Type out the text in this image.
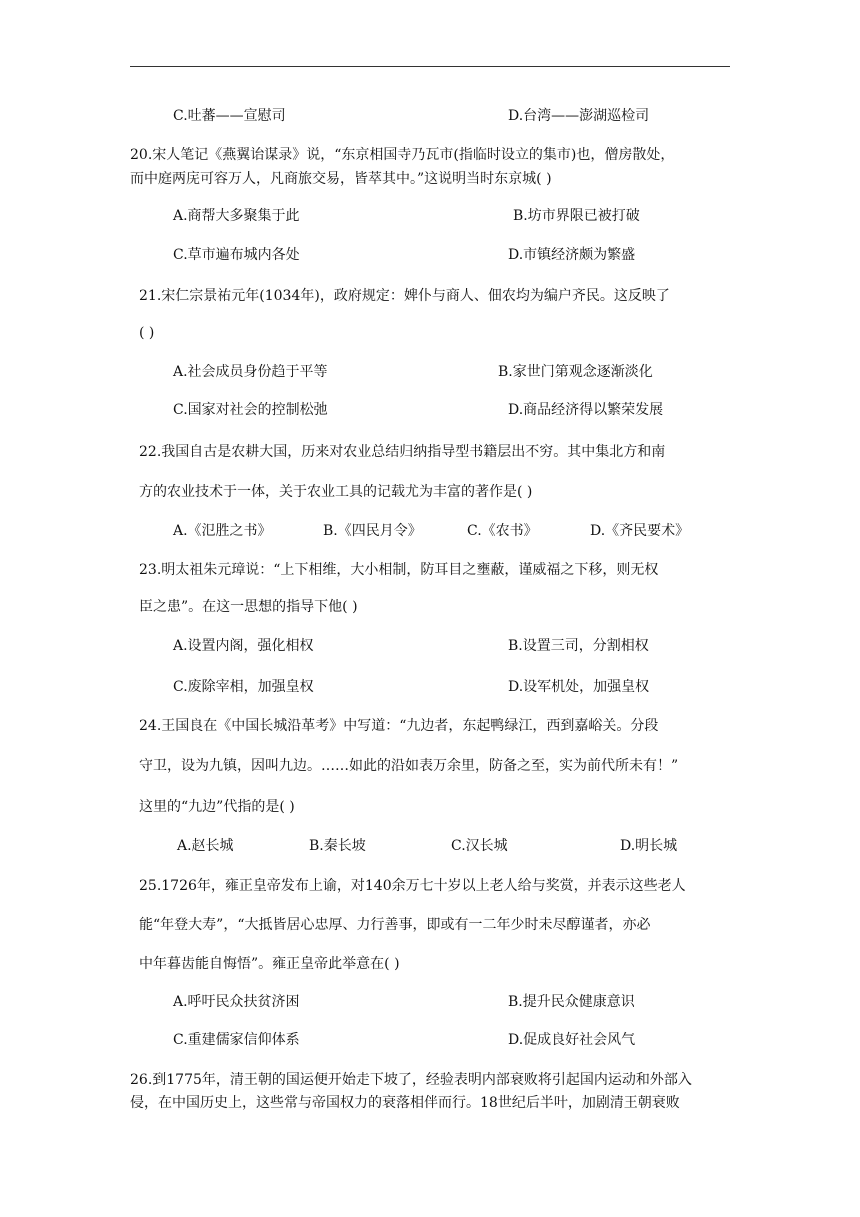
C.吐蕃——宣慰司	D.台湾——澎湖巡检司
20.宋人笔记《燕翼诒谋录》说，“东京相国寺乃瓦市(指临时设立的集市)也，僧房散处，
而中庭两庑可容万人，凡商旅交易，皆萃其中。”这说明当时东京城( )
A.商帮大多聚集于此	B.坊市界限已被打破
C.草市遍布城内各处	D.市镇经济颇为繁盛
21.宋仁宗景祐元年(1034年)，政府规定：婢仆与商人、佃农均为编户齐民。这反映了
( )
A.社会成员身份趋于平等	B.家世门第观念逐渐淡化
C.国家对社会的控制松弛	D.商品经济得以繁荣发展
22.我国自古是农耕大国，历来对农业总结归纳指导型书籍层出不穷。其中集北方和南
方的农业技术于一体，关于农业工具的记载尤为丰富的著作是( )
A.《氾胜之书》	B.《四民月令》	C.《农书》	D.《齐民要术》
23.明太祖朱元璋说：“上下相维，大小相制，防耳目之壅蔽，谨威福之下移，则无权
臣之患”。在这一思想的指导下他( )
A.设置内阁，强化相权	B.设置三司，分割相权
C.废除宰相，加强皇权	D.设军机处，加强皇权
24.王国良在《中国长城沿革考》中写道：“九边者，东起鸭绿江，西到嘉峪关。分段
守卫，设为九镇，因叫九边。……如此的沿如表万余里，防备之至，实为前代所未有！”
这里的“九边”代指的是( )
A.赵长城	B.秦长坡	C.汉长城	D.明长城
25.1726年，雍正皇帝发布上谕，对140余万七十岁以上老人给与奖赏，并表示这些老人
能“年登大寿”，“大抵皆居心忠厚、力行善事，即或有一二年少时未尽醇谨者，亦必
中年暮齿能自悔悟”。雍正皇帝此举意在( )
A.呼吁民众扶贫济困	B.提升民众健康意识
C.重建儒家信仰体系	D.促成良好社会风气
26.到1775年，清王朝的国运便开始走下坡了，经验表明内部衰败将引起国内运动和外部入
侵，在中国历史上，这些常与帝国权力的衰落相伴而行。18世纪后半叶，加剧清王朝衰败
